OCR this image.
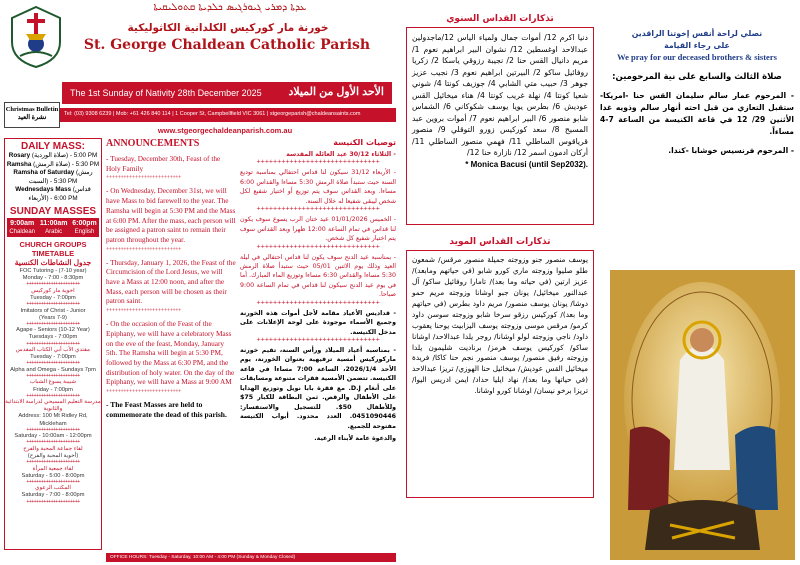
ܥܕܬܐ ܕܡܪܝ ܓܝܘܪܓܝܣ ܟܠܕܝܬܐ ܩܬܘܠܝܩܝܬܐ
خورنة مار كوركيس الكلدانية الكاثوليكية
St. George Chaldean Catholic Parish
The 1st Sunday of Nativity 28th December 2025 الأحد الأول من الميلاد
Tel: (03) 9308 6239 | Mob: +61 426 840 114 | 1 Cooper St, Campbellfield VIC 3061 | stgeorgeparish@chaldeansaints.com
Christmas Bulletin
نشرة العيد
www.stgeorgechaldeanparish.com.au
DAILY MASS:
Rosary (صلاة الوردية) - 5:00 PM
Ramsha (صلاة الرمش) - 5:30 PM
Ramsha of Saturday (رمش السبت) - 5:30 PM
Wednesdays Mass (قداس الأربعاء) - 6:00 PM
SUNDAY MASSES
9:00am	11:00am	6:00pm
Chaldean	Arabic	English
CHURCH GROUPS TIMETABLE
جدول النشاطات الكنسية
FOC Tutoring - (7-10 year)
Monday - 7:00 - 8:30pm
++++++++++++++++++++++
اخوية مار كوركيس
Tuesday - 7:00pm
++++++++++++++++++++++
Imitators of Christ - Junior
(Years 7-9)
++++++++++++++++++++++
Agape - Seniors (10-12 Year)
Tuesdays - 7:00pm
++++++++++++++++++++++
مقتدي الأب أبي الكتاب المقدس
Tuesday - 7:00pm
++++++++++++++++++++++
Alpha and Omega - Sundays 7pm
++++++++++++++++++++++
شبيبة يسوع الشباب
Friday - 7:00pm
++++++++++++++++++++++
مدرسة التعليم المسيحي لدراسة الابتدائية والثانوية
Address: 100 Mt Ridley Rd, Mickleham
++++++++++++++++++++++
Saturday - 10:00am - 12:00pm
++++++++++++++++++++++
لقاء جماعة المحبة والفرح
(أخوية المحبة والفرح)
++++++++++++++++++++++
لقاء جمعية المرأة
Saturday - 5:00 - 8:00pm
++++++++++++++++++++++
المكتب الرعوي
Saturday - 7:00 - 8:00pm
++++++++++++++++++++++
ANNOUNCEMENTS
- Tuesday, December 30th, Feast of the Holy Family
++++++++++++++++++++++++++
- On Wednesday, December 31st, we will have Mass to bid farewell to the year. The Ramsha will begin at 5:30 PM and the Mass at 6:00 PM. After the mass, each person will be assigned a patron saint to remain their patron throughout the year.
++++++++++++++++++++++++++
- Thursday, January 1, 2026, the Feast of the Circumcision of the Lord Jesus, we will have a Mass at 12:00 noon, and after the Mass, each person will be chosen as their patron saint.
++++++++++++++++++++++++++
- On the occasion of the Feast of the Epiphany, we will have a celebratory Mass on the eve of the feast, Monday, January 5th. The Ramsha will begin at 5:30 PM, followed by the Mass at 6:30 PM, and the distribution of holy water. On the day of the Epiphany, we will have a Mass at 9:00 AM
++++++++++++++++++++++++++
- The Feast Masses are held to commemorate the dead of this parish.
توصيات الكنيسة
- الثلاثاء 30/12 عيد العائلة المقدسة
++++++++++++++++++++++++++++++
- الأربعاء 31/12 سيكون لنا قداس احتفالي بمناسبة توديع السنة حيث ستبدأ صلاة الرمش 5:30 مساءا والقداس 6:00 مساءا. وبعد القداس سوف يتم توزيع أو اختيار شفيع لكل شخص ليبقى شفيعا له خلال السنة.
++++++++++++++++++++++++++++++
- الخميس 01/01/2026 عيد ختان الرب يسوع سوف يكون لنا قداس في تمام الساعة 12:00 ظهرا وبعد القداس سوف يتم اختيار شفيع كل شخص.
++++++++++++++++++++++++++++++
- بمناسبة عيد الدنح سوف يكون لنا قداس احتفالي في ليلة العيد وذلك يوم الاثنين 05/01 حيث ستبدأ صلاة الرمش 5:30 مساءا والقداس 6:30 مساءا وتوزيع الماء المبارك. أما في يوم عيد الدنح سيكون لنا قداس في تمام الساعة 9:00 صباحا.
++++++++++++++++++++++++++++++
- قداديس الأعياد مقامة لأجل أموات هذه الخورنة وجميع الأسماء موجودة على لوحة الإعلانات على مدخل الكنيسة.
++++++++++++++++++++++++++++++
- بمناسبة أعياد الميلاد ورأس السنة، تقيم خورنة ماركوركيس أمسية ترفيهية بعنوان الخورنة، يوم الأحد 2026/1/4، الساعة 7:00 مساءا في قاعة الكنيسة. تتضمن الأمسية فقرات متنوعة ومسابقات على أنغام D.J. مع فقرة بابا نويل وتوزيع الهدايا على الأطفال والرقص. ثمن البطاقة للكبار 75$ وللأطفال 50$. للتسجيل والاستفسار: 0451090446. العدد محدود. أبواب الكنيسة مفتوحة للجميع.
والدعوة عامة لأبناء الرعية.
OFFICE HOURS: Tuesday - Saturday, 10:00 AM - 4:00 PM (Sunday & Monday Closed)
تذكارات القداس السنوي
دنيا اكرم 12/ أموات جمال ولمياء الياس 12/ماجدولين عبدالاحد اوغسطين 12/ نشوان البير ابراهيم نعوم 1/ مريم دانيال القس حنا 2/ نجيبة رزوقي ياسكا 2/ زكريا روفائيل ساكو 2/ البيرتين ابراهيم نعوم 3/ نجيب عزيز جوهر 3/ حبيب متي الشابي 4/ جوزيف كونتا 4/ شوني شعيا كونتا 4/ نهلة غريب كونتا 4/ هناء ميخائيل القس عوديش 6/ بطرس يويا يوسف شكوكاني 6/ الشماس شابو منصور 6/ البير ابراهيم نعوم 7/ أموات بروين عبد المسيح 8/ سعد كوركيس زورو التوقلي 9/ منصور قرياقوس الساطلي 11/ فهمي منصور الساطلي 11/ أركان ادمون اسمر 12/ نازارة حنا 12/
* Monica Bacusi (until Sep2032).
تذكارات القداس المويد
يوسف منصور جنو وزوجته جميلة منصور مرقس/ شمعون طلو صليوا وزوجته ماري كورو شابو (في حياتهم ومابعد)/ عزيز ارتين (في حياته وما بعد)/ تامارا روفائيل ساكو/ آل عبدالنور ميخائيل/ يونان جبو اوشانا وزوجته مريم حمو دوشا/ يونان يوسف منصور/ مريم داود بطرس (في حياتهم وما بعد)/ كوركيس رزقو سرخا شابو وزوجته سوسن داود كرمو/ مرقس موسى وزوجته يوسف اليزابيث يوحنا يعقوب داود/ ناجي وزوجته لولو اوشانا/ روجر يلدا عبدالاحد/ اوشانا ساكو/ كوركيس يوسف هرمز/ برناديت شليمون يلدا وزوجته رفيق منصور/ يوسف منصور نجم حنا كاكا/ فريدة ميخائيل القس عوديش/ ميخائيل حنا الهوزي/ تريزا عبدالاحد (في حياتها وما بعد)/ نهاد ايليا حداد/ ايمن ادريس اليوا/ تريزا برخو نيسان/ اوشانا كورو اوشانا.
نصلي لراحة أنفس إخوتنا الراقدين
على رجاء القيامة
We pray for our deceased brothers & sisters
صلاة الثالث والسابع على نية المرحومين:
- المرحوم عمار سالم سليمان القس حنا -امريكا- ستقبل التعازي من قبل احته أنهار سالم وذويه غدا الأثنين 29/ 12 في قاعة الكنيسة من الساعة 7-4 مساءاً.
- المرحوم فرنسيس خوشابا -كندا.
